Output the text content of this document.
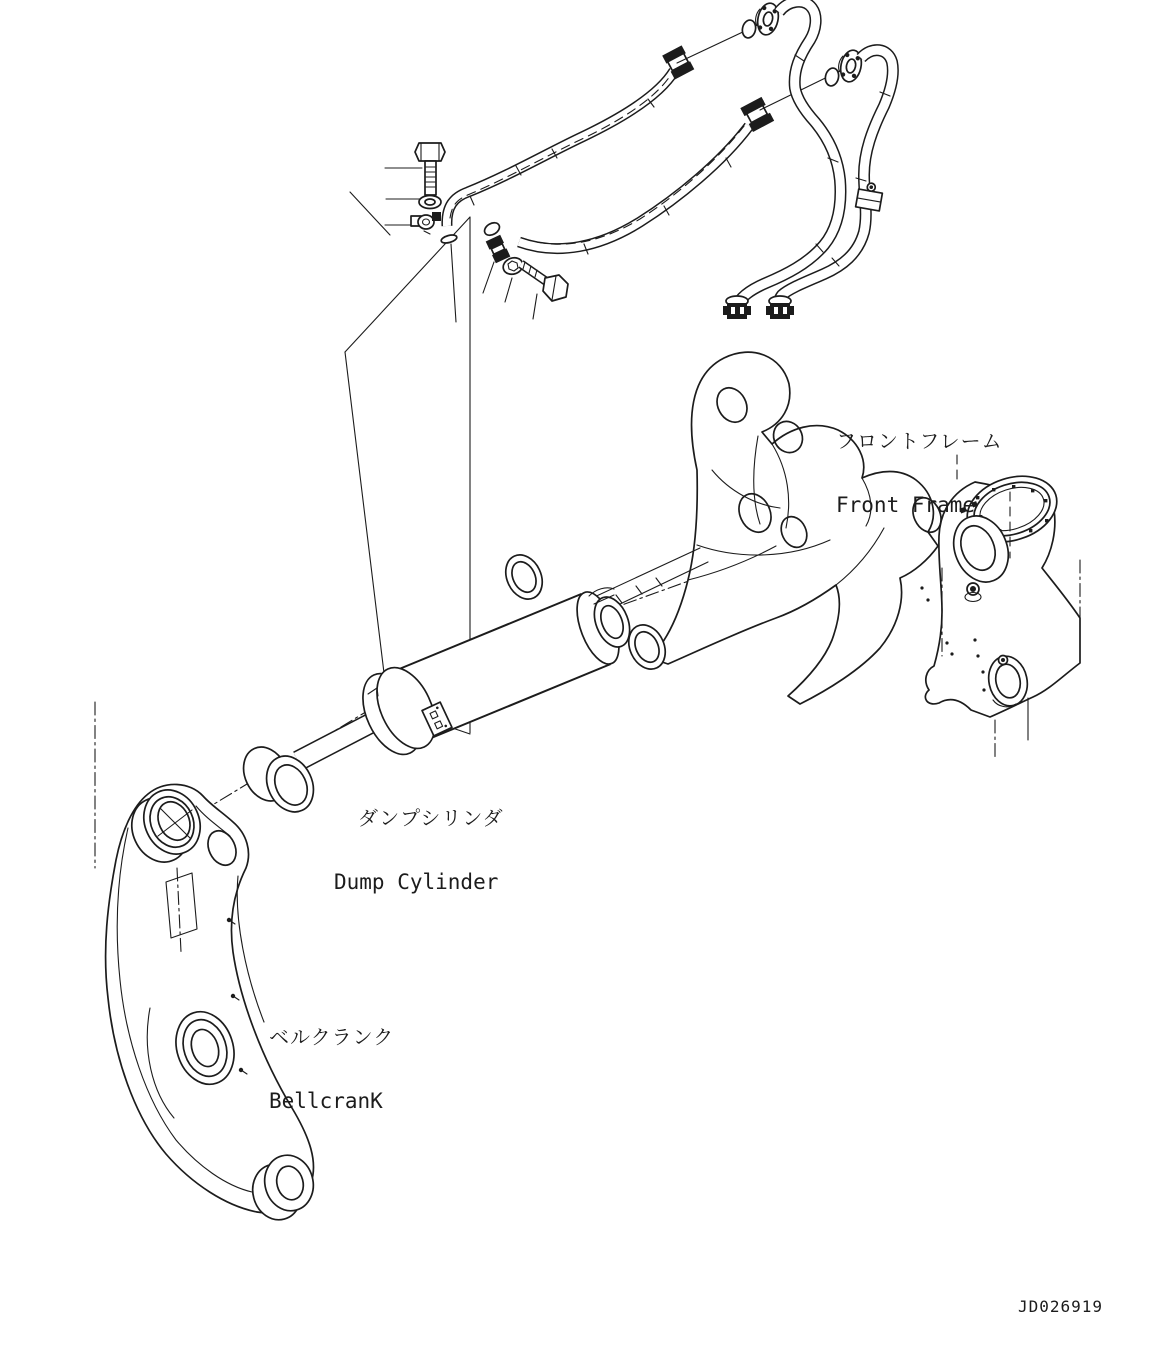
フロントフレーム

Front Frame

ダンプシリンダ

Dump Cylinder

ベルクランク

BellcranK

JD026919
